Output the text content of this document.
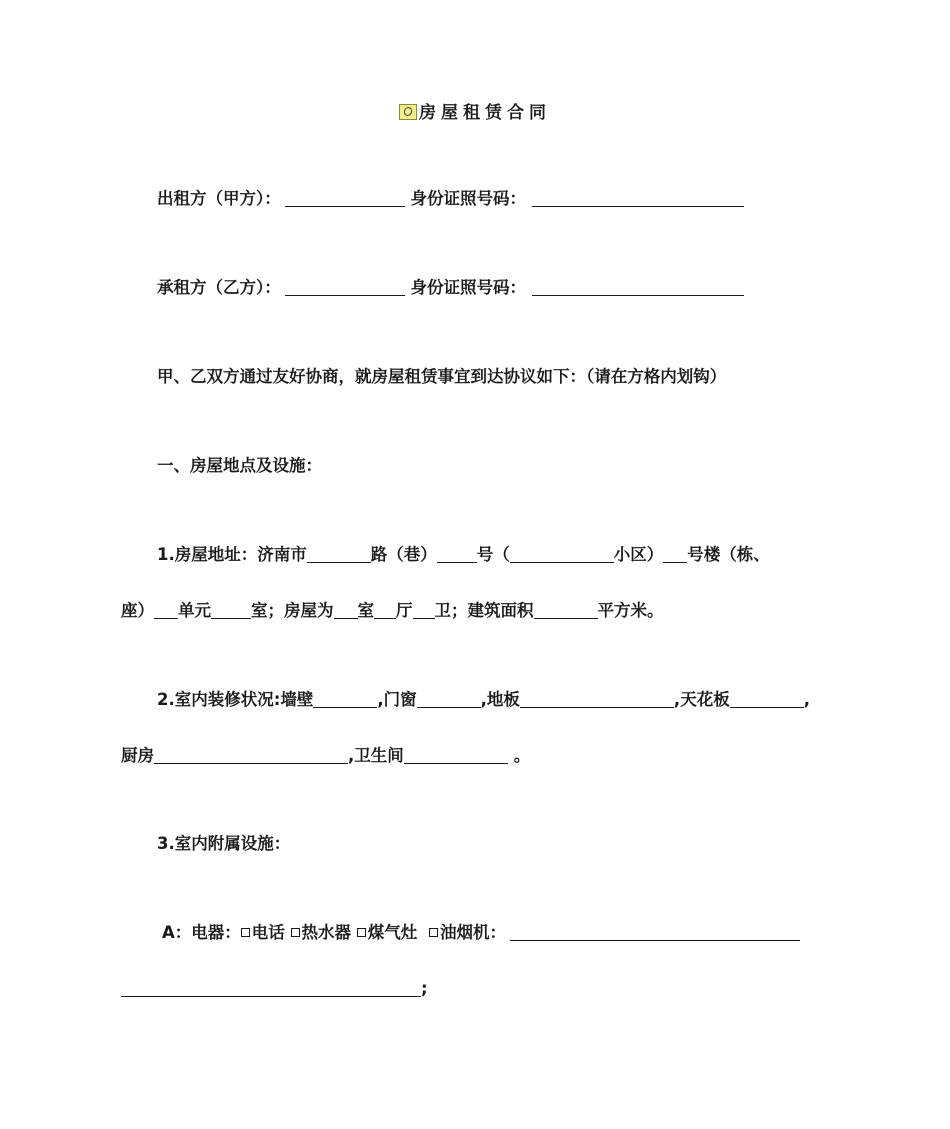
房屋租赁合同
出租方（甲方）：	身份证照号码：
承租方（乙方）：	身份证照号码：
甲、乙双方通过友好协商，就房屋租赁事宜到达协议如下：（请在方格内划钩）
一、房屋地点及设施：
1.房屋地址：济南市	路（巷） 号（	小区） 号楼（栋、
座） 单元 室；房屋为 室 厅 卫；建筑面积	平方米。
2.室内装修状况:墙壁	,门窗	,地板	,天花板	,
厨房	,卫生间	。
3.室内附属设施：
A：电器： 电话 热水器 煤气灶 油烟机：
;
